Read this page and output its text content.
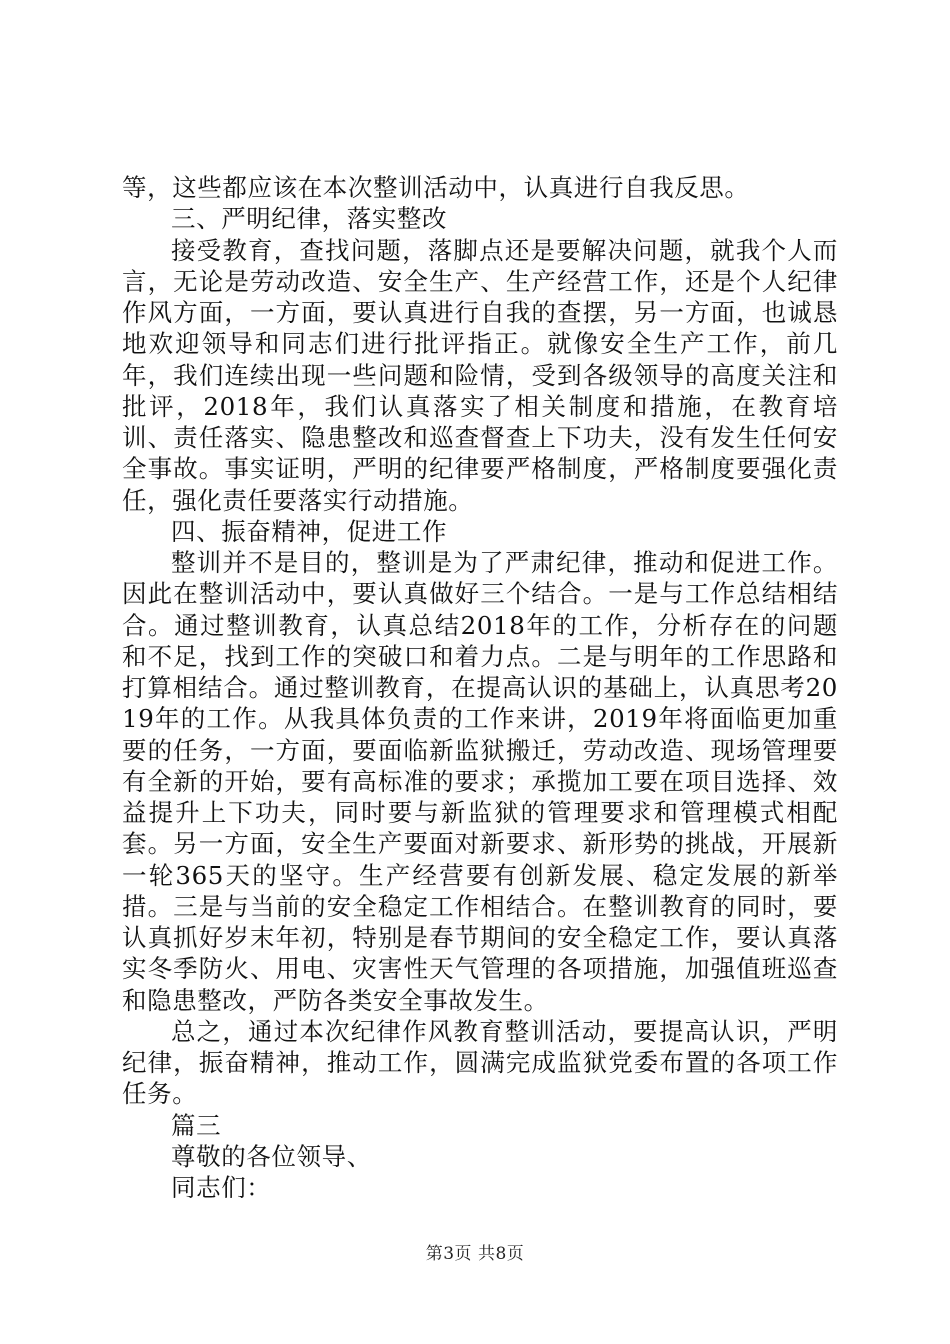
等，这些都应该在本次整训活动中，认真进行自我反思。

三、严明纪律，落实整改

接受教育，查找问题，落脚点还是要解决问题，就我个人而言，无论是劳动改造、安全生产、生产经营工作，还是个人纪律作风方面，一方面，要认真进行自我的查摆，另一方面，也诚恳地欢迎领导和同志们进行批评指正。就像安全生产工作，前几年，我们连续出现一些问题和险情，受到各级领导的高度关注和批评，2018年，我们认真落实了相关制度和措施，在教育培训、责任落实、隐患整改和巡查督查上下功夫，没有发生任何安全事故。事实证明，严明的纪律要严格制度，严格制度要强化责任，强化责任要落实行动措施。

四、振奋精神，促进工作

整训并不是目的，整训是为了严肃纪律，推动和促进工作。因此在整训活动中，要认真做好三个结合。一是与工作总结相结合。通过整训教育，认真总结2018年的工作，分析存在的问题和不足，找到工作的突破口和着力点。二是与明年的工作思路和打算相结合。通过整训教育，在提高认识的基础上，认真思考2019年的工作。从我具体负责的工作来讲，2019年将面临更加重要的任务，一方面，要面临新监狱搬迁，劳动改造、现场管理要有全新的开始，要有高标准的要求；承揽加工要在项目选择、效益提升上下功夫，同时要与新监狱的管理要求和管理模式相配套。另一方面，安全生产要面对新要求、新形势的挑战，开展新一轮365天的坚守。生产经营要有创新发展、稳定发展的新举措。三是与当前的安全稳定工作相结合。在整训教育的同时，要认真抓好岁末年初，特别是春节期间的安全稳定工作，要认真落实冬季防火、用电、灾害性天气管理的各项措施，加强值班巡查和隐患整改，严防各类安全事故发生。

总之，通过本次纪律作风教育整训活动，要提高认识，严明纪律，振奋精神，推动工作，圆满完成监狱党委布置的各项工作任务。

篇三

尊敬的各位领导、

同志们：

第3页 共8页
